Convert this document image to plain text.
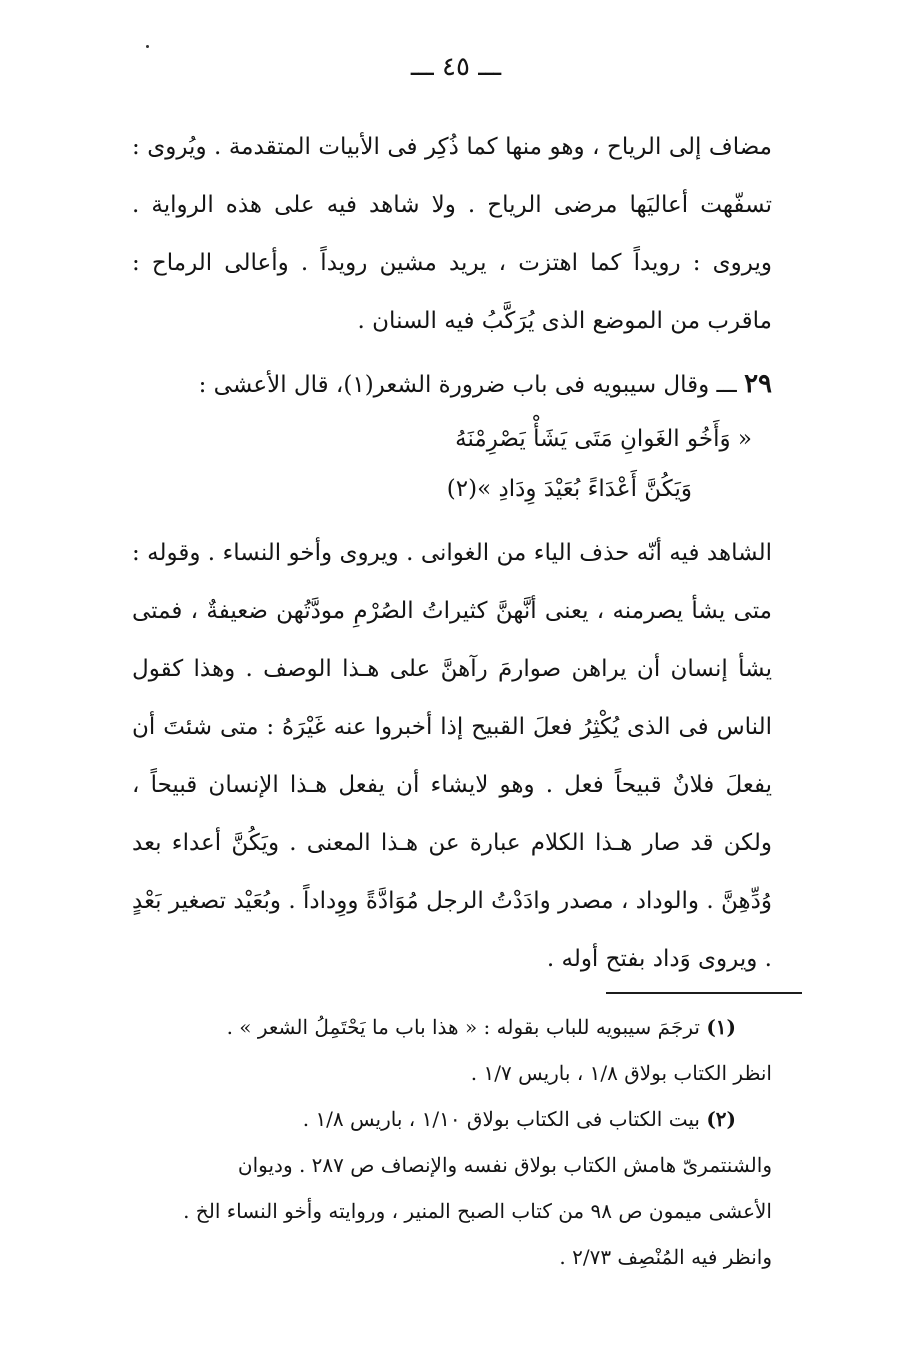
ـــ ٤٥ ـــ

مضاف إلى الرياح ، وهو منها كما ذُكِر فى الأبيات المتقدمة . ويُروى : تسفّهت أعاليَها مرضى الرياح . ولا شاهد فيه على هذه الرواية . ويروى : رويداً كما اهتزت ، يريد مشين رويداً . وأعالى الرماح : ماقرب من الموضع الذى يُرَكَّبُ فيه السنان .

٢٩ ـــ وقال سيبويه فى باب ضرورة الشعر(١)، قال الأعشى :
« وَأَخُو الغَوانِ مَتَى يَشَأْ يَصْرِمْنَهُ
وَيَكُنَّ أَعْدَاءً بُعَيْدَ وِدَادِ »(٢)

الشاهد فيه أنّه حذف الياء من الغوانى . ويروى وأخو النساء . وقوله : متى يشأ يصرمنه ، يعنى أنَّهنَّ كثيراتُ الصُرْمِ مودَّتُهن ضعيفةٌ ، فمتى يشأ إنسان أن يراهن صوارمَ رآهنَّ على هـذا الوصف . وهذا كقول الناس فى الذى يُكْثِرُ فعلَ القبيح إذا أخبروا عنه غَيْرَهُ : متى شئتَ أن يفعلَ فلانٌ قبيحاً فعل . وهو لايشاء أن يفعل هـذا الإنسان قبيحاً ، ولكن قد صار هـذا الكلام عبارة عن هـذا المعنى . ويَكُنَّ أعداء بعد وُدِّهِنَّ . والوداد ، مصدر وادَدْتُ الرجل مُوَادَّةً ووِداداً . وبُعَيْد تصغير بَعْدٍ . ويروى وَداد بفتح أوله .

(١) ترجَمَ سيبويه للباب بقوله : « هذا باب ما يَحْتَمِلُ الشعر » .
انظر الكتاب بولاق ١/٨ ، باريس ١/٧ .
(٢) بيت الكتاب فى الكتاب بولاق ١/١٠ ، باريس ١/٨ .
والشنتمرىّ هامش الكتاب بولاق نفسه والإنصاف ص ٢٨٧ . وديوان
الأعشى ميمون ص ٩٨ من كتاب الصبح المنير ، وروايته وأخو النساء الخ .
وانظر فيه المُنْصِف ٢/٧٣ .
